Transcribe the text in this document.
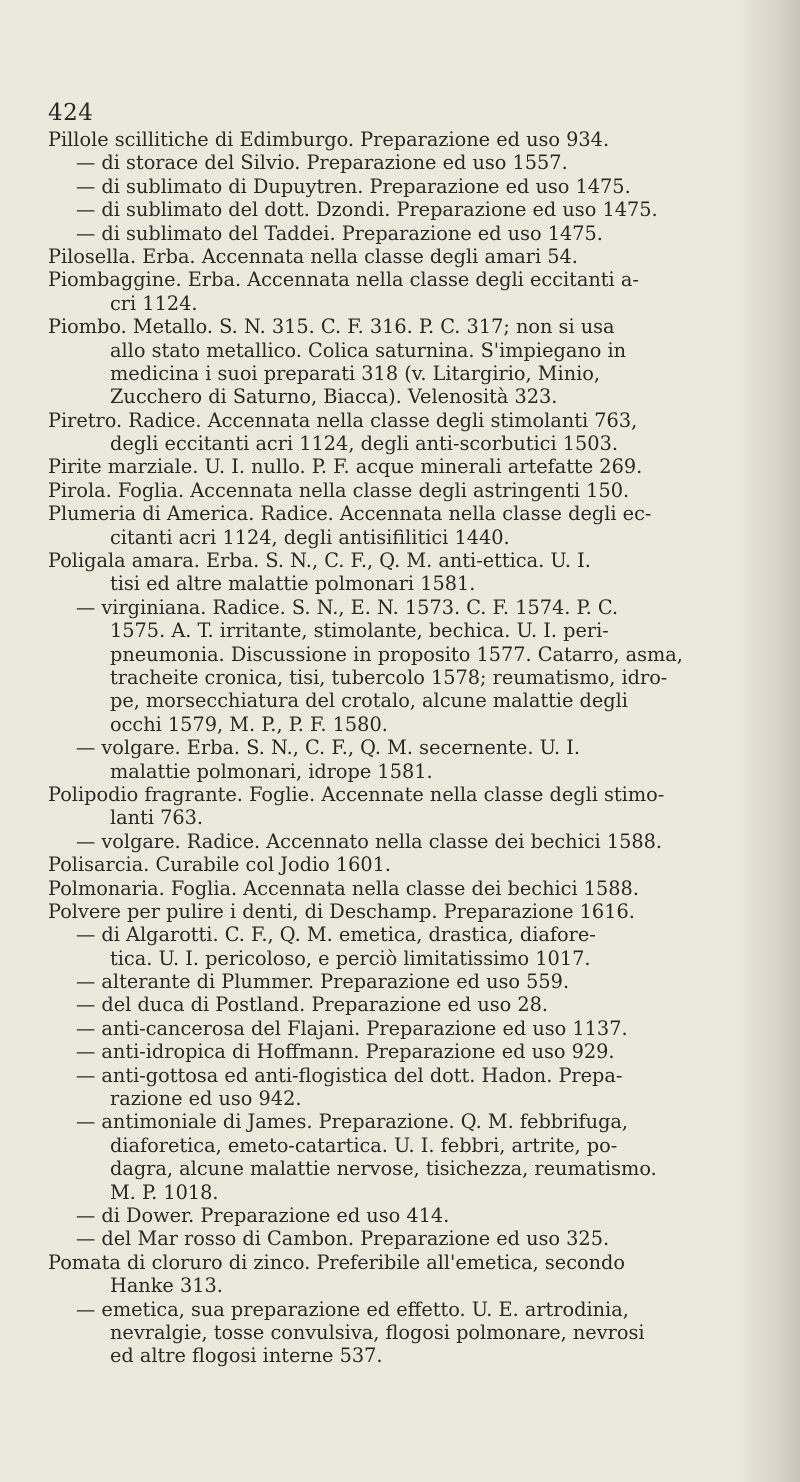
424
Pillole scillitiche di Edimburgo. Preparazione ed uso 934.
— di storace del Silvio. Preparazione ed uso 1557.
— di sublimato di Dupuytren. Preparazione ed uso 1475.
— di sublimato del dott. Dzondi. Preparazione ed uso 1475.
— di sublimato del Taddei. Preparazione ed uso 1475.
Pilosella. Erba. Accennata nella classe degli amari 54.
Piombaggine. Erba. Accennata nella classe degli eccitanti a-
cri 1124.
Piombo. Metallo. S. N. 315. C. F. 316. P. C. 317; non si usa
allo stato metallico. Colica saturnina. S'impiegano in
medicina i suoi preparati 318 (v. Litargirio, Minio,
Zucchero di Saturno, Biacca). Velenosità 323.
Piretro. Radice. Accennata nella classe degli stimolanti 763,
degli eccitanti acri 1124, degli anti-scorbutici 1503.
Pirite marziale. U. I. nullo. P. F. acque minerali artefatte 269.
Pirola. Foglia. Accennata nella classe degli astringenti 150.
Plumeria di America. Radice. Accennata nella classe degli ec-
citanti acri 1124, degli antisifilitici 1440.
Poligala amara. Erba. S. N., C. F., Q. M. anti-ettica. U. I.
tisi ed altre malattie polmonari 1581.
— virginiana. Radice. S. N., E. N. 1573. C. F. 1574. P. C.
1575. A. T. irritante, stimolante, bechica. U. I. peri-
pneumonia. Discussione in proposito 1577. Catarro, asma,
tracheite cronica, tisi, tubercolo 1578; reumatismo, idro-
pe, morsecchiatura del crotalo, alcune malattie degli
occhi 1579, M. P., P. F. 1580.
— volgare. Erba. S. N., C. F., Q. M. secernente. U. I.
malattie polmonari, idrope 1581.
Polipodio fragrante. Foglie. Accennate nella classe degli stimo-
lanti 763.
— volgare. Radice. Accennato nella classe dei bechici 1588.
Polisarcia. Curabile col Jodio 1601.
Polmonaria. Foglia. Accennata nella classe dei bechici 1588.
Polvere per pulire i denti, di Deschamp. Preparazione 1616.
— di Algarotti. C. F., Q. M. emetica, drastica, diafore-
tica. U. I. pericoloso, e perciò limitatissimo 1017.
— alterante di Plummer. Preparazione ed uso 559.
— del duca di Postland. Preparazione ed uso 28.
— anti-cancerosa del Flajani. Preparazione ed uso 1137.
— anti-idropica di Hoffmann. Preparazione ed uso 929.
— anti-gottosa ed anti-flogistica del dott. Hadon. Prepa-
razione ed uso 942.
— antimoniale di James. Preparazione. Q. M. febbrifuga,
diaforetica, emeto-catartica. U. I. febbri, artrite, po-
dagra, alcune malattie nervose, tisichezza, reumatismo.
M. P. 1018.
— di Dower. Preparazione ed uso 414.
— del Mar rosso di Cambon. Preparazione ed uso 325.
Pomata di cloruro di zinco. Preferibile all'emetica, secondo
Hanke 313.
— emetica, sua preparazione ed effetto. U. E. artrodinia,
nevralgie, tosse convulsiva, flogosi polmonare, nevrosi
ed altre flogosi interne 537.
